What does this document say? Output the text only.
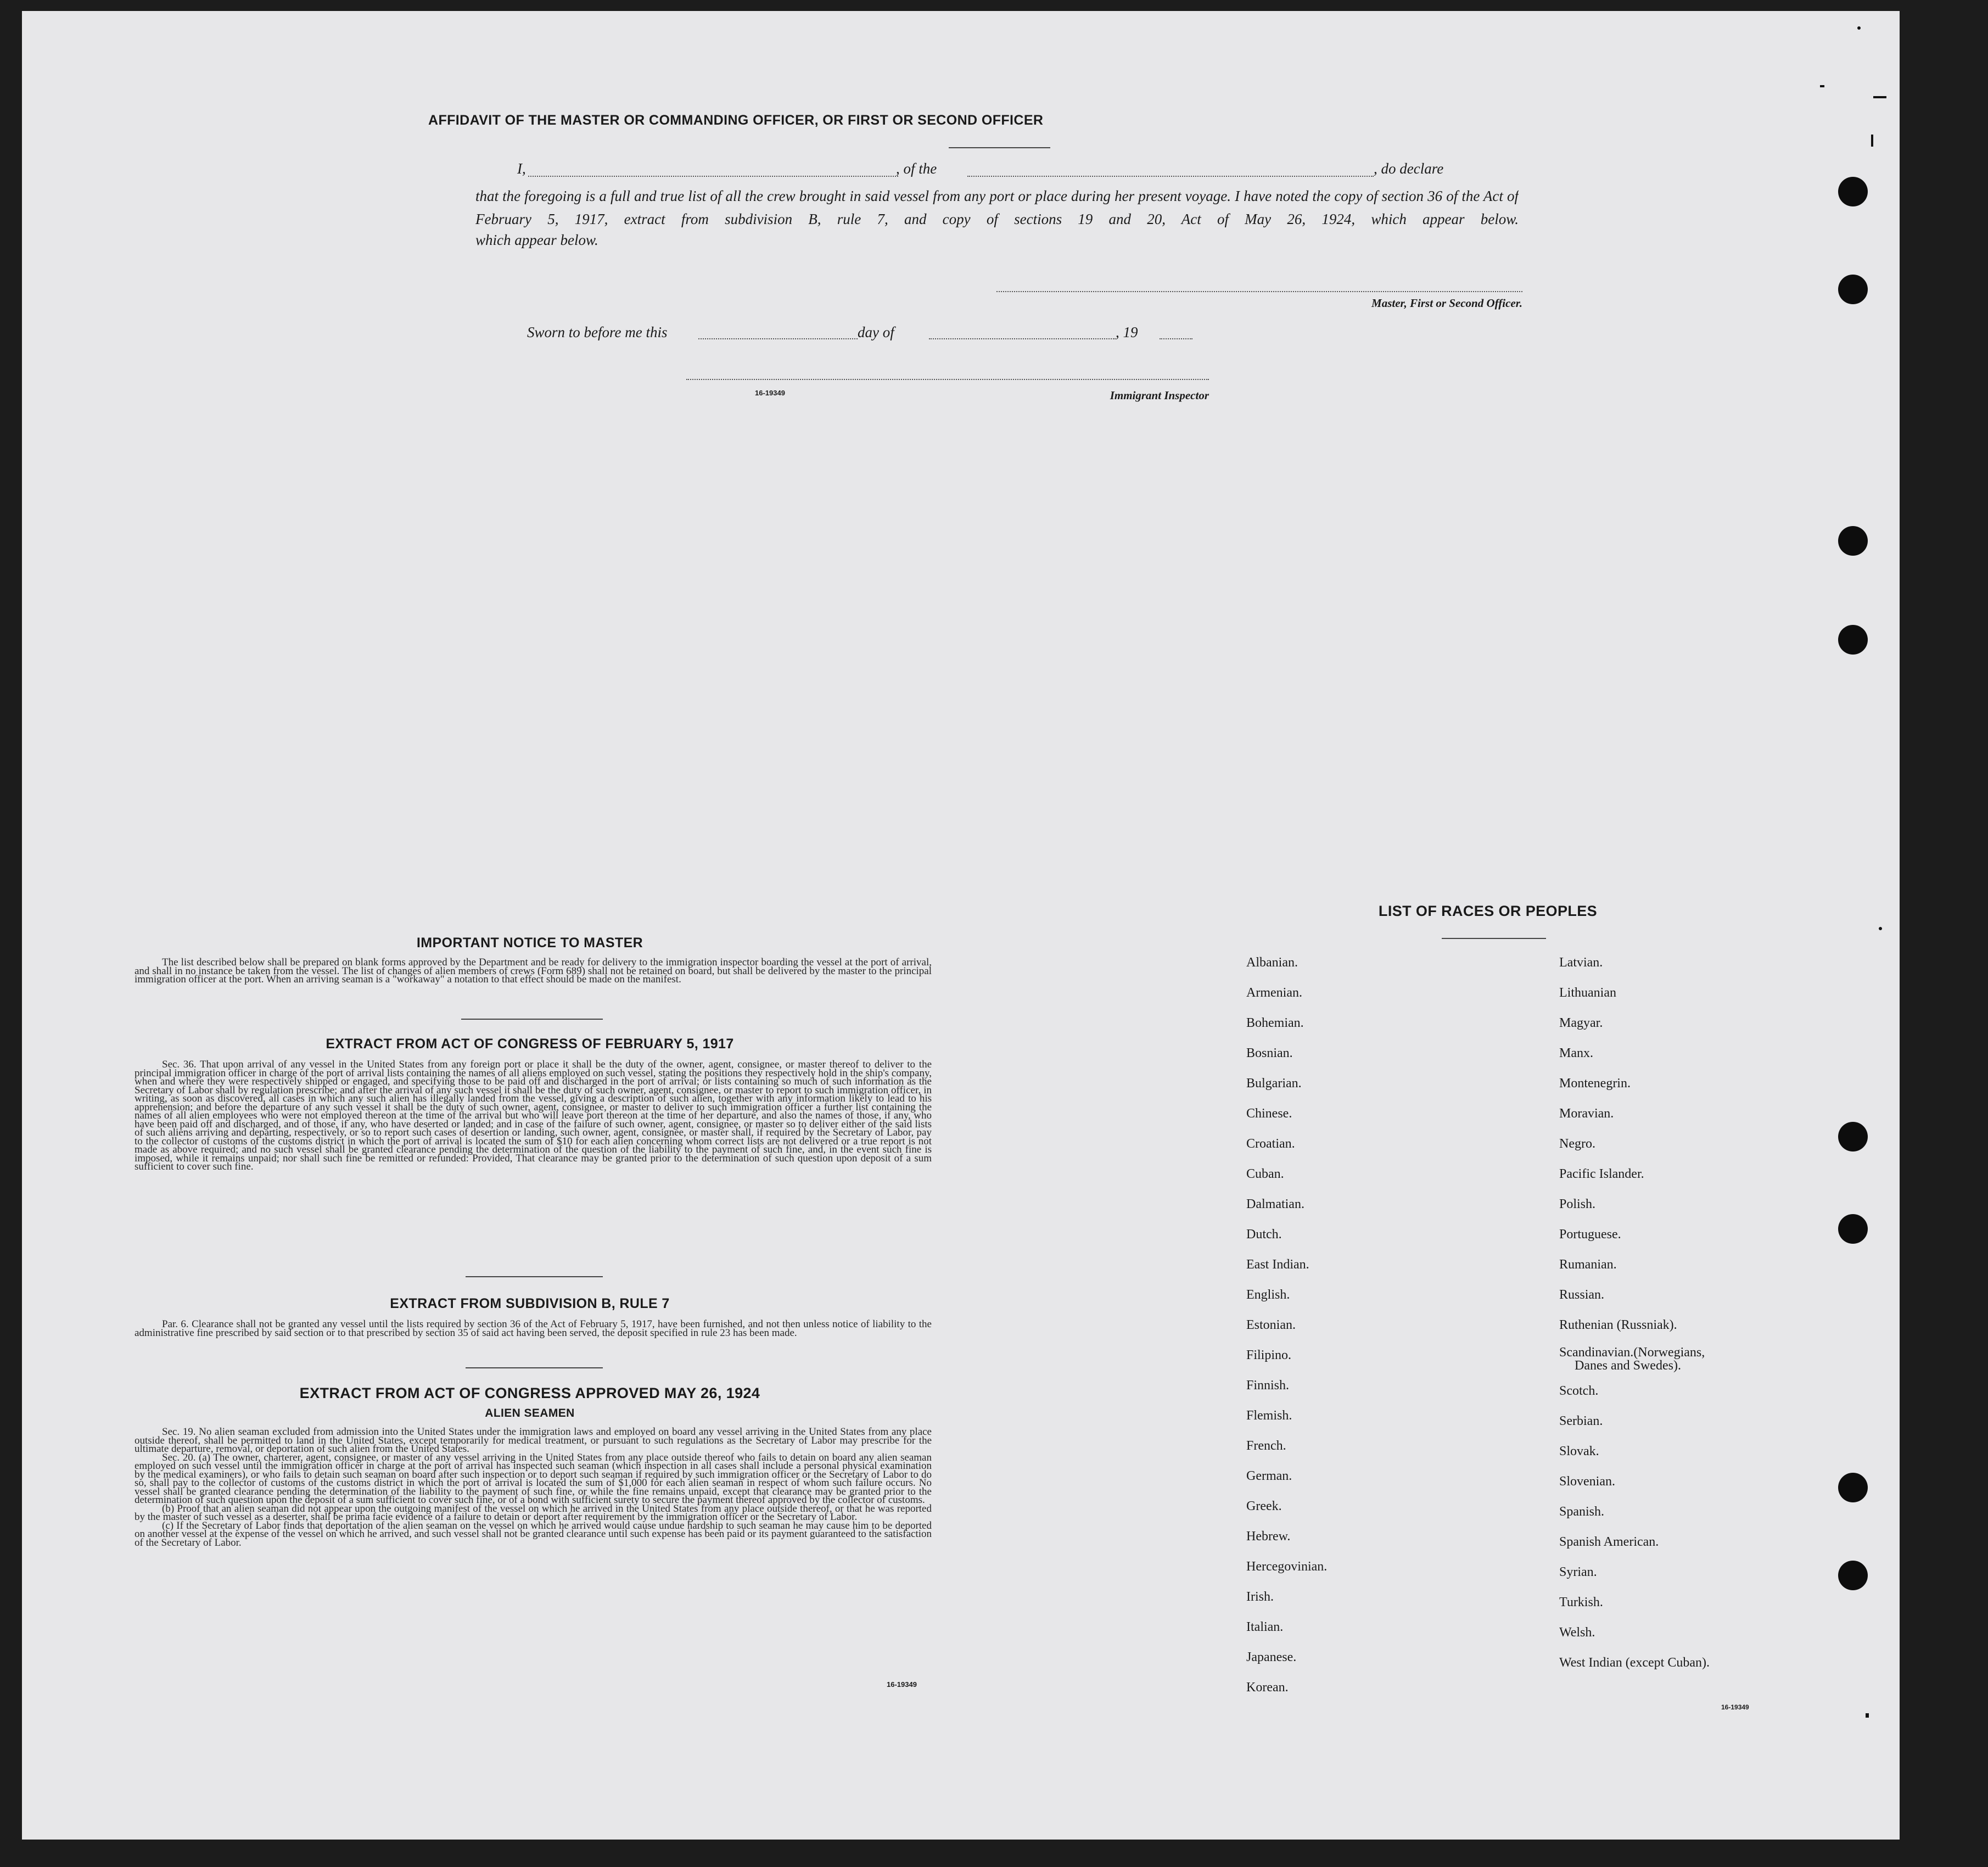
AFFIDAVIT OF THE MASTER OR COMMANDING OFFICER, OR FIRST OR SECOND OFFICER
I,	, of the	, do declare
that the foregoing is a full and true list of all the crew brought in said vessel from any port or place during her present voyage. I have noted the copy of section 36 of the Act of February 5, 1917, extract from subdivision B, rule 7, and copy of sections 19 and 20, Act of May 26, 1924, which appear below.
which appear below.
Master, First or Second Officer.
Sworn to before me this	day of	, 19
16-19349	Immigrant Inspector
IMPORTANT NOTICE TO MASTER

The list described below shall be prepared on blank forms approved by the Department and be ready for delivery to the immigration inspector boarding the vessel at the port of arrival, and shall in no instance be taken from the vessel. The list of changes of alien members of crews (Form 689) shall not be retained on board, but shall be delivered by the master to the principal immigration officer at the port. When an arriving seaman is a "workaway" a notation to that effect should be made on the manifest.

EXTRACT FROM ACT OF CONGRESS OF FEBRUARY 5, 1917

Sec. 36. That upon arrival of any vessel in the United States from any foreign port or place it shall be the duty of the owner, agent, consignee, or master thereof to deliver to the principal immigration officer in charge of the port of arrival lists containing the names of all aliens employed on such vessel, stating the positions they respectively hold in the ship's company, when and where they were respectively shipped or engaged, and specifying those to be paid off and discharged in the port of arrival; or lists containing so much of such information as the Secretary of Labor shall by regulation prescribe; and after the arrival of any such vessel it shall be the duty of such owner, agent, consignee, or master to report to such immigration officer, in writing, as soon as discovered, all cases in which any such alien has illegally landed from the vessel, giving a description of such alien, together with any information likely to lead to his apprehension; and before the departure of any such vessel it shall be the duty of such owner, agent, consignee, or master to deliver to such immigration officer a further list containing the names of all alien employees who were not employed thereon at the time of the arrival but who will leave port thereon at the time of her departure, and also the names of those, if any, who have been paid off and discharged, and of those, if any, who have deserted or landed; and in case of the failure of such owner, agent, consignee, or master so to deliver either of the said lists of such aliens arriving and departing, respectively, or so to report such cases of desertion or landing, such owner, agent, consignee, or master shall, if required by the Secretary of Labor, pay to the collector of customs of the customs district in which the port of arrival is located the sum of $10 for each alien concerning whom correct lists are not delivered or a true report is not made as above required; and no such vessel shall be granted clearance pending the determination of the question of the liability to the payment of such fine, and, in the event such fine is imposed, while it remains unpaid; nor shall such fine be remitted or refunded: Provided, That clearance may be granted prior to the determination of such question upon deposit of a sum sufficient to cover such fine.

EXTRACT FROM SUBDIVISION B, RULE 7

Par. 6. Clearance shall not be granted any vessel until the lists required by section 36 of the Act of February 5, 1917, have been furnished, and not then unless notice of liability to the administrative fine prescribed by said section or to that prescribed by section 35 of said act having been served, the deposit specified in rule 23 has been made.

EXTRACT FROM ACT OF CONGRESS APPROVED MAY 26, 1924
ALIEN SEAMEN

Sec. 19. No alien seaman excluded from admission into the United States under the immigration laws and employed on board any vessel arriving in the United States from any place outside thereof, shall be permitted to land in the United States, except temporarily for medical treatment, or pursuant to such regulations as the Secretary of Labor may prescribe for the ultimate departure, removal, or deportation of such alien from the United States.

Sec. 20. (a) The owner, charterer, agent, consignee, or master of any vessel arriving in the United States from any place outside thereof who fails to detain on board any alien seaman employed on such vessel until the immigration officer in charge at the port of arrival has inspected such seaman (which inspection in all cases shall include a personal physical examination by the medical examiners), or who fails to detain such seaman on board after such inspection or to deport such seaman if required by such immigration officer or the Secretary of Labor to do so, shall pay to the collector of customs of the customs district in which the port of arrival is located the sum of $1,000 for each alien seaman in respect of whom such failure occurs. No vessel shall be granted clearance pending the determination of the liability to the payment of such fine, or while the fine remains unpaid, except that clearance may be granted prior to the determination of such question upon the deposit of a sum sufficient to cover such fine, or of a bond with sufficient surety to secure the payment thereof approved by the collector of customs.

(b) Proof that an alien seaman did not appear upon the outgoing manifest of the vessel on which he arrived in the United States from any place outside thereof, or that he was reported by the master of such vessel as a deserter, shall be prima facie evidence of a failure to detain or deport after requirement by the immigration officer or the Secretary of Labor.

(c) If the Secretary of Labor finds that deportation of the alien seaman on the vessel on which he arrived would cause undue hardship to such seaman he may cause him to be deported on another vessel at the expense of the vessel on which he arrived, and such vessel shall not be granted clearance until such expense has been paid or its payment guaranteed to the satisfaction of the Secretary of Labor.

16-19349
LIST OF RACES OR PEOPLES
Albanian.
Armenian.
Bohemian.
Bosnian.
Bulgarian.
Chinese.
Croatian.
Cuban.
Dalmatian.
Dutch.
East Indian.
English.
Estonian.
Filipino.
Finnish.
Flemish.
French.
German.
Greek.
Hebrew.
Hercegovinian.
Irish.
Italian.
Japanese.
Korean.
Latvian.
Lithuanian
Magyar.
Manx.
Montenegrin.
Moravian.
Negro.
Pacific Islander.
Polish.
Portuguese.
Rumanian.
Russian.
Ruthenian (Russniak).
Scandinavian.(Norwegians,
Danes and Swedes).
Scotch.
Serbian.
Slovak.
Slovenian.
Spanish.
Spanish American.
Syrian.
Turkish.
Welsh.
West Indian (except Cuban).
16-19349
